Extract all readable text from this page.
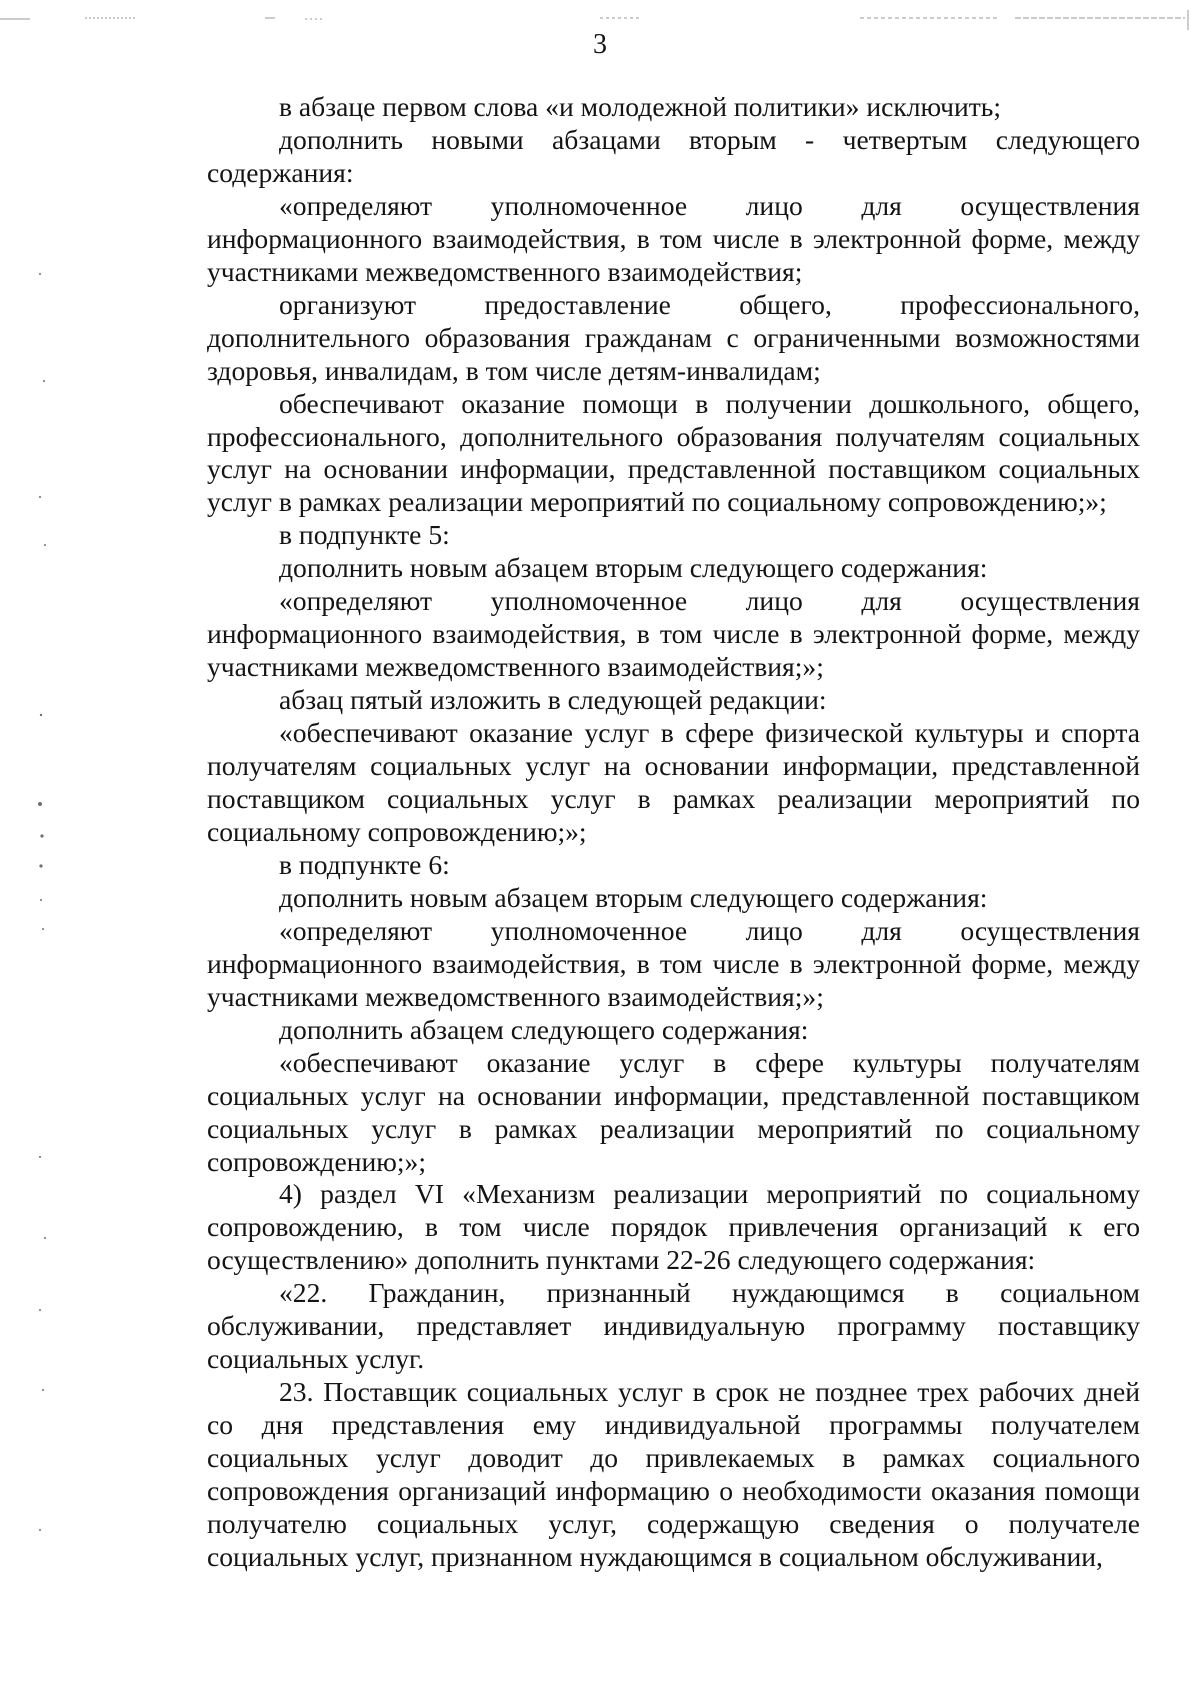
3

в абзаце первом слова «и молодежной политики» исключить;

дополнить новыми абзацами вторым - четвертым следующего содержания:

«определяют уполномоченное лицо для осуществления информационного взаимодействия, в том числе в электронной форме, между участниками межведомственного взаимодействия;

организуют предоставление общего, профессионального, дополнительного образования гражданам с ограниченными возможностями здоровья, инвалидам, в том числе детям-инвалидам;

обеспечивают оказание помощи в получении дошкольного, общего, профессионального, дополнительного образования получателям социальных услуг на основании информации, представленной поставщиком социальных услуг в рамках реализации мероприятий по социальному сопровождению;»;

в подпункте 5:

дополнить новым абзацем вторым следующего содержания:

«определяют уполномоченное лицо для осуществления информационного взаимодействия, в том числе в электронной форме, между участниками межведомственного взаимодействия;»;

абзац пятый изложить в следующей редакции:

«обеспечивают оказание услуг в сфере физической культуры и спорта получателям социальных услуг на основании информации, представленной поставщиком социальных услуг в рамках реализации мероприятий по социальному сопровождению;»;

в подпункте 6:

дополнить новым абзацем вторым следующего содержания:

«определяют уполномоченное лицо для осуществления информационного взаимодействия, в том числе в электронной форме, между участниками межведомственного взаимодействия;»;

дополнить абзацем следующего содержания:

«обеспечивают оказание услуг в сфере культуры получателям социальных услуг на основании информации, представленной поставщиком социальных услуг в рамках реализации мероприятий по социальному сопровождению;»;

4) раздел VI «Механизм реализации мероприятий по социальному сопровождению, в том числе порядок привлечения организаций к его осуществлению» дополнить пунктами 22-26 следующего содержания:

«22. Гражданин, признанный нуждающимся в социальном обслуживании, представляет индивидуальную программу поставщику социальных услуг.

23. Поставщик социальных услуг в срок не позднее трех рабочих дней со дня представления ему индивидуальной программы получателем социальных услуг доводит до привлекаемых в рамках социального сопровождения организаций информацию о необходимости оказания помощи получателю социальных услуг, содержащую сведения о получателе социальных услуг, признанном нуждающимся в социальном обслуживании,
